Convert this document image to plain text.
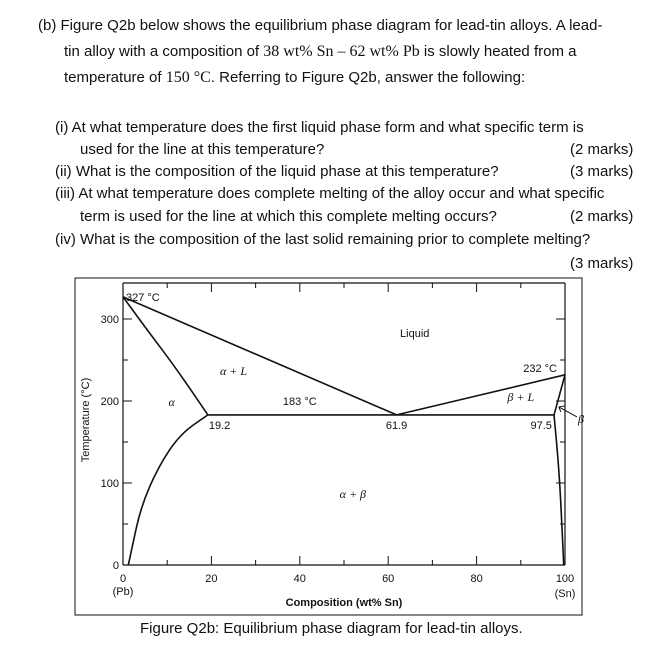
(b) Figure Q2b below shows the equilibrium phase diagram for lead-tin alloys. A lead-
tin alloy with a composition of 38 wt% Sn – 62 wt% Pb is slowly heated from a
temperature of 150 °C. Referring to Figure Q2b, answer the following:
(i) At what temperature does the first liquid phase form and what specific term is
used for the line at this temperature?	(2 marks)
(ii) What is the composition of the liquid phase at this temperature?	(3 marks)
(iii) At what temperature does complete melting of the alloy occur and what specific
term is used for the line at which this complete melting occurs?	(2 marks)
(iv) What is the composition of the last solid remaining prior to complete melting?
(3 marks)
327 °C
232 °C
183 °C
19.2	61.9	97.5
Liquid
α + L
α	β + L
α + β
β
Composition (wt% Sn)
(Pb)	(Sn)
Temperature (°C)
0	20	40	60	80	100
0
100
200
300
Figure Q2b: Equilibrium phase diagram for lead-tin alloys.
